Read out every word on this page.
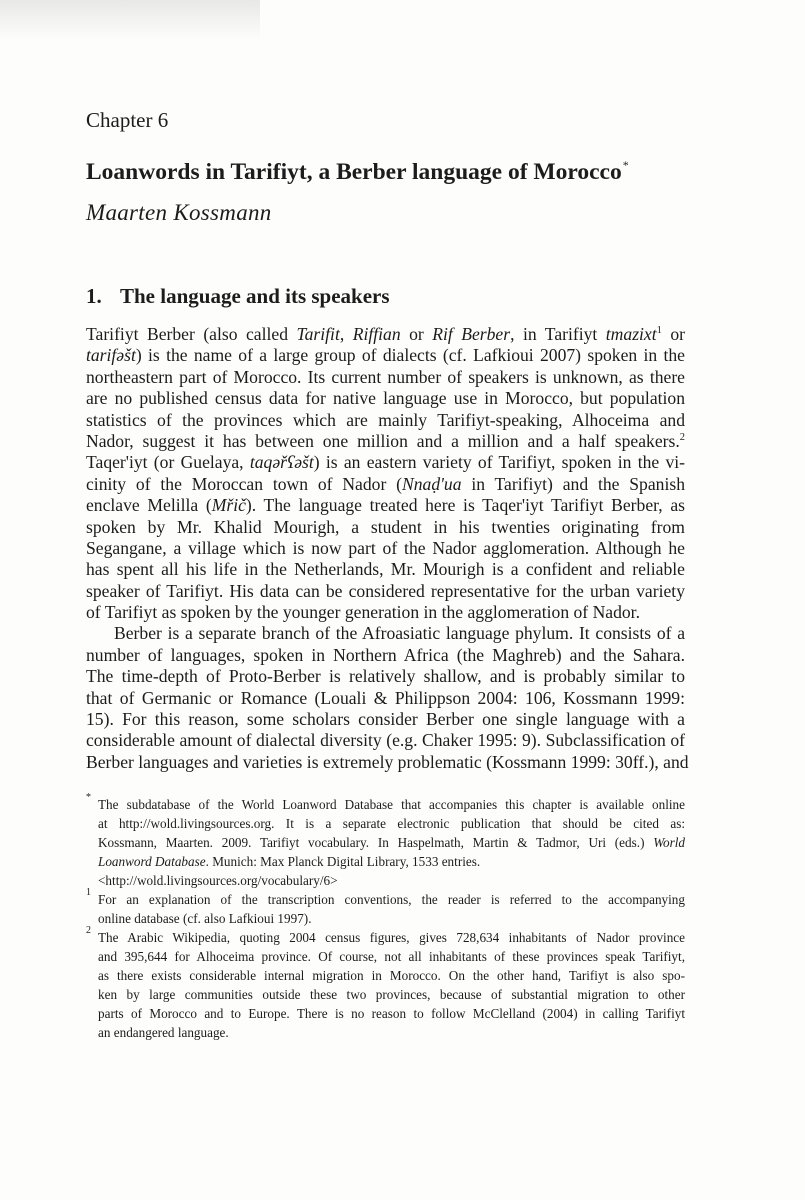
Chapter 6
Loanwords in Tarifiyt, a Berber language of Morocco*
Maarten Kossmann
1. The language and its speakers
Tarifiyt Berber (also called Tarifit, Riffian or Rif Berber, in Tarifiyt tmazixt$^1$ or
tarifəšt) is the name of a large group of dialects (cf. Lafkioui 2007) spoken in the
northeastern part of Morocco. Its current number of speakers is unknown, as there
are no published census data for native language use in Morocco, but population
statistics of the provinces which are mainly Tarifiyt-speaking, Alhoceima and
Nador, suggest it has between one million and a million and a half speakers.$^2$
Taqer'iyt (or Guelaya, taqəřʕəšt) is an eastern variety of Tarifiyt, spoken in the vi-
cinity of the Moroccan town of Nador (Nnaḍ'ua in Tarifiyt) and the Spanish
enclave Melilla (Mřič). The language treated here is Taqer'iyt Tarifiyt Berber, as
spoken by Mr. Khalid Mourigh, a student in his twenties originating from
Segangane, a village which is now part of the Nador agglomeration. Although he
has spent all his life in the Netherlands, Mr. Mourigh is a confident and reliable
speaker of Tarifiyt. His data can be considered representative for the urban variety
of Tarifiyt as spoken by the younger generation in the agglomeration of Nador.
Berber is a separate branch of the Afroasiatic language phylum. It consists of a
number of languages, spoken in Northern Africa (the Maghreb) and the Sahara.
The time-depth of Proto-Berber is relatively shallow, and is probably similar to
that of Germanic or Romance (Louali & Philippson 2004: 106, Kossmann 1999:
15). For this reason, some scholars consider Berber one single language with a
considerable amount of dialectal diversity (e.g. Chaker 1995: 9). Subclassification of
Berber languages and varieties is extremely problematic (Kossmann 1999: 30ff.), and
* The subdatabase of the World Loanword Database that accompanies this chapter is available online
at http://wold.livingsources.org. It is a separate electronic publication that should be cited as:
Kossmann, Maarten. 2009. Tarifiyt vocabulary. In Haspelmath, Martin & Tadmor, Uri (eds.) World
Loanword Database. Munich: Max Planck Digital Library, 1533 entries.
<http://wold.livingsources.org/vocabulary/6>
1 For an explanation of the transcription conventions, the reader is referred to the accompanying
online database (cf. also Lafkioui 1997).
2 The Arabic Wikipedia, quoting 2004 census figures, gives 728,634 inhabitants of Nador province
and 395,644 for Alhoceima province. Of course, not all inhabitants of these provinces speak Tarifiyt,
as there exists considerable internal migration in Morocco. On the other hand, Tarifiyt is also spo-
ken by large communities outside these two provinces, because of substantial migration to other
parts of Morocco and to Europe. There is no reason to follow McClelland (2004) in calling Tarifiyt
an endangered language.
